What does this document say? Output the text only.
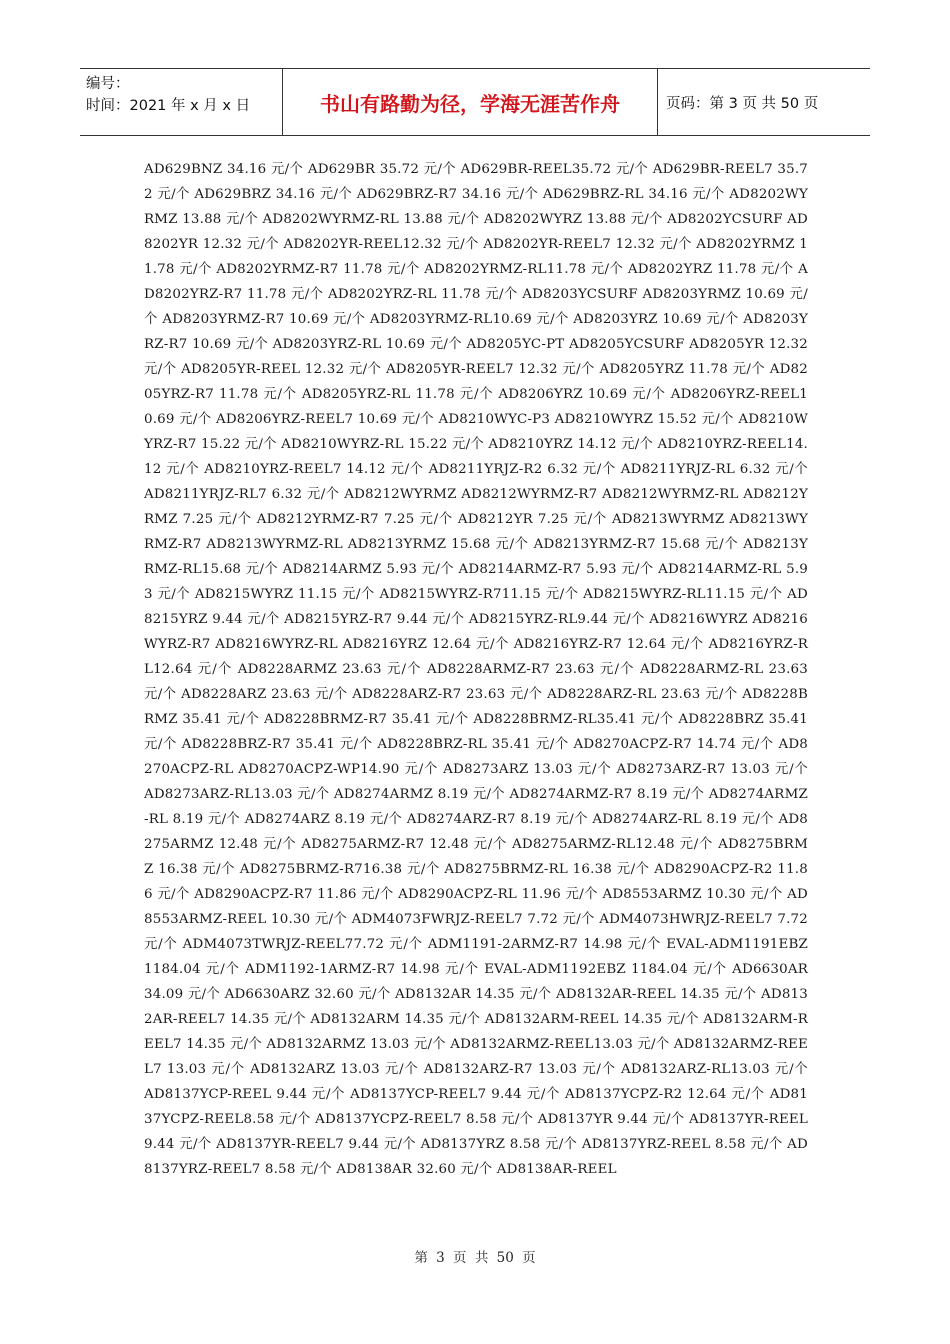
编号：
时间：2021 年 x 月 x 日	书山有路勤为径，学海无涯苦作舟	页码：第 3 页 共 50 页
AD629BNZ 34.16 元/个 AD629BR 35.72 元/个 AD629BR-REEL35.72 元/个 AD629BR-REEL7 35.72 元/个 AD629BRZ 34.16 元/个 AD629BRZ-R7 34.16 元/个 AD629BRZ-RL 34.16 元/个 AD8202WYRMZ 13.88 元/个 AD8202WYRMZ-RL 13.88 元/个 AD8202WYRZ 13.88 元/个 AD8202YCSURF AD8202YR 12.32 元/个 AD8202YR-REEL12.32 元/个 AD8202YR-REEL7 12.32 元/个 AD8202YRMZ 11.78 元/个 AD8202YRMZ-R7 11.78 元/个 AD8202YRMZ-RL11.78 元/个 AD8202YRZ 11.78 元/个 AD8202YRZ-R7 11.78 元/个 AD8202YRZ-RL 11.78 元/个 AD8203YCSURF AD8203YRMZ 10.69 元/个 AD8203YRMZ-R7 10.69 元/个 AD8203YRMZ-RL10.69 元/个 AD8203YRZ 10.69 元/个 AD8203YRZ-R7 10.69 元/个 AD8203YRZ-RL 10.69 元/个 AD8205YC-PT AD8205YCSURF AD8205YR 12.32 元/个 AD8205YR-REEL 12.32 元/个 AD8205YR-REEL7 12.32 元/个 AD8205YRZ 11.78 元/个 AD8205YRZ-R7 11.78 元/个 AD8205YRZ-RL 11.78 元/个 AD8206YRZ 10.69 元/个 AD8206YRZ-REEL10.69 元/个 AD8206YRZ-REEL7 10.69 元/个 AD8210WYC-P3 AD8210WYRZ 15.52 元/个 AD8210WYRZ-R7 15.22 元/个 AD8210WYRZ-RL 15.22 元/个 AD8210YRZ 14.12 元/个 AD8210YRZ-REEL14.12 元/个 AD8210YRZ-REEL7 14.12 元/个 AD8211YRJZ-R2 6.32 元/个 AD8211YRJZ-RL 6.32 元/个 AD8211YRJZ-RL7 6.32 元/个 AD8212WYRMZ AD8212WYRMZ-R7 AD8212WYRMZ-RL AD8212YRMZ 7.25 元/个 AD8212YRMZ-R7 7.25 元/个 AD8212YR 7.25 元/个 AD8213WYRMZ AD8213WYRMZ-R7 AD8213WYRMZ-RL AD8213YRMZ 15.68 元/个 AD8213YRMZ-R7 15.68 元/个 AD8213YRMZ-RL15.68 元/个 AD8214ARMZ 5.93 元/个 AD8214ARMZ-R7 5.93 元/个 AD8214ARMZ-RL 5.93 元/个 AD8215WYRZ 11.15 元/个 AD8215WYRZ-R711.15 元/个 AD8215WYRZ-RL11.15 元/个 AD8215YRZ 9.44 元/个 AD8215YRZ-R7 9.44 元/个 AD8215YRZ-RL9.44 元/个 AD8216WYRZ AD8216WYRZ-R7 AD8216WYRZ-RL AD8216YRZ 12.64 元/个 AD8216YRZ-R7 12.64 元/个 AD8216YRZ-RL12.64 元/个 AD8228ARMZ 23.63 元/个 AD8228ARMZ-R7 23.63 元/个 AD8228ARMZ-RL 23.63 元/个 AD8228ARZ 23.63 元/个 AD8228ARZ-R7 23.63 元/个 AD8228ARZ-RL 23.63 元/个 AD8228BRMZ 35.41 元/个 AD8228BRMZ-R7 35.41 元/个 AD8228BRMZ-RL35.41 元/个 AD8228BRZ 35.41 元/个 AD8228BRZ-R7 35.41 元/个 AD8228BRZ-RL 35.41 元/个 AD8270ACPZ-R7 14.74 元/个 AD8270ACPZ-RL AD8270ACPZ-WP14.90 元/个 AD8273ARZ 13.03 元/个 AD8273ARZ-R7 13.03 元/个 AD8273ARZ-RL13.03 元/个 AD8274ARMZ 8.19 元/个 AD8274ARMZ-R7 8.19 元/个 AD8274ARMZ-RL 8.19 元/个 AD8274ARZ 8.19 元/个 AD8274ARZ-R7 8.19 元/个 AD8274ARZ-RL 8.19 元/个 AD8275ARMZ 12.48 元/个 AD8275ARMZ-R7 12.48 元/个 AD8275ARMZ-RL12.48 元/个 AD8275BRMZ 16.38 元/个 AD8275BRMZ-R716.38 元/个 AD8275BRMZ-RL 16.38 元/个 AD8290ACPZ-R2 11.86 元/个 AD8290ACPZ-R7 11.86 元/个 AD8290ACPZ-RL 11.96 元/个 AD8553ARMZ 10.30 元/个 AD8553ARMZ-REEL 10.30 元/个 ADM4073FWRJZ-REEL7 7.72 元/个 ADM4073HWRJZ-REEL7 7.72 元/个 ADM4073TWRJZ-REEL77.72 元/个 ADM1191-2ARMZ-R7 14.98 元/个 EVAL-ADM1191EBZ 1184.04 元/个 ADM1192-1ARMZ-R7 14.98 元/个 EVAL-ADM1192EBZ 1184.04 元/个 AD6630AR 34.09 元/个 AD6630ARZ 32.60 元/个 AD8132AR 14.35 元/个 AD8132AR-REEL 14.35 元/个 AD8132AR-REEL7 14.35 元/个 AD8132ARM 14.35 元/个 AD8132ARM-REEL 14.35 元/个 AD8132ARM-REEL7 14.35 元/个 AD8132ARMZ 13.03 元/个 AD8132ARMZ-REEL13.03 元/个 AD8132ARMZ-REEL7 13.03 元/个 AD8132ARZ 13.03 元/个 AD8132ARZ-R7 13.03 元/个 AD8132ARZ-RL13.03 元/个 AD8137YCP-REEL 9.44 元/个 AD8137YCP-REEL7 9.44 元/个 AD8137YCPZ-R2 12.64 元/个 AD8137YCPZ-REEL8.58 元/个 AD8137YCPZ-REEL7 8.58 元/个 AD8137YR 9.44 元/个 AD8137YR-REEL9.44 元/个 AD8137YR-REEL7 9.44 元/个 AD8137YRZ 8.58 元/个 AD8137YRZ-REEL 8.58 元/个 AD8137YRZ-REEL7 8.58 元/个 AD8138AR 32.60 元/个 AD8138AR-REEL
第 3 页 共 50 页
